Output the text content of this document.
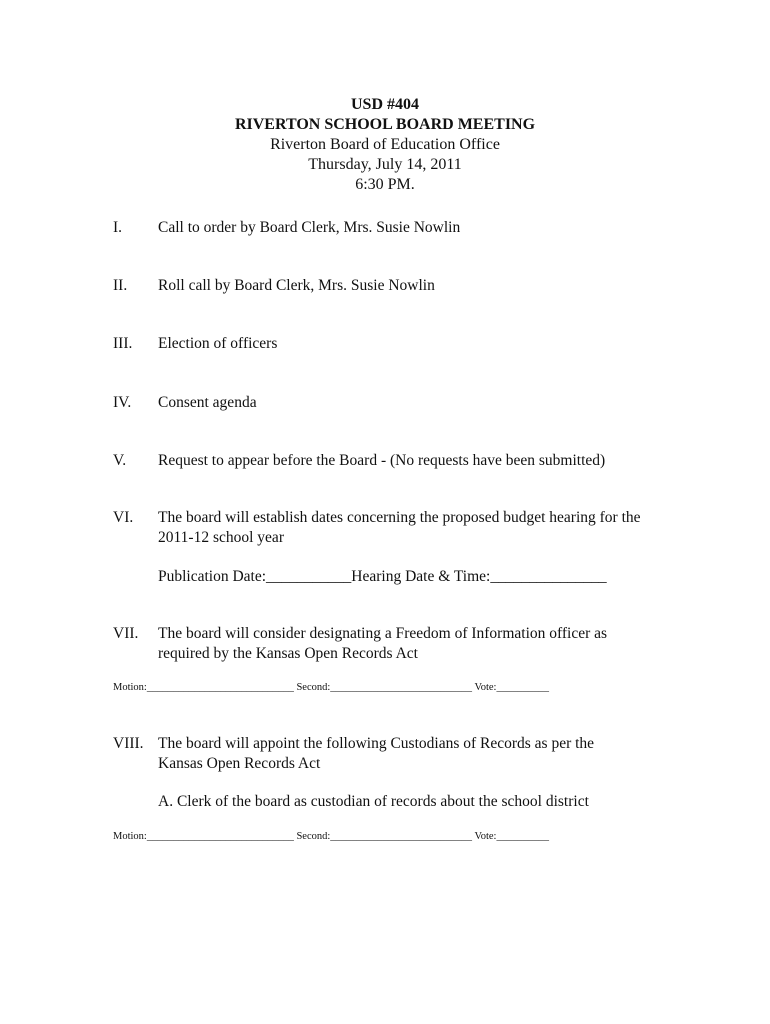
USD #404
RIVERTON SCHOOL BOARD MEETING
Riverton Board of Education Office
Thursday, July 14, 2011
6:30 PM.
I.	Call to order by Board Clerk, Mrs. Susie Nowlin
II.	Roll call by Board Clerk, Mrs. Susie Nowlin
III.	Election of officers
IV.	Consent agenda
V.	Request to appear before the Board - (No requests have been submitted)
VI.	The board will establish dates concerning the proposed budget hearing for the 2011-12 school year
Publication Date:___________Hearing Date & Time:_______________
VII.	The board will consider designating a Freedom of Information officer as required by the Kansas Open Records Act
Motion:____________________________ Second:___________________________ Vote:__________
VIII. The board will appoint the following Custodians of Records as per the Kansas Open Records Act
A. Clerk of the board as custodian of records about the school district
Motion:____________________________ Second:___________________________ Vote:__________
